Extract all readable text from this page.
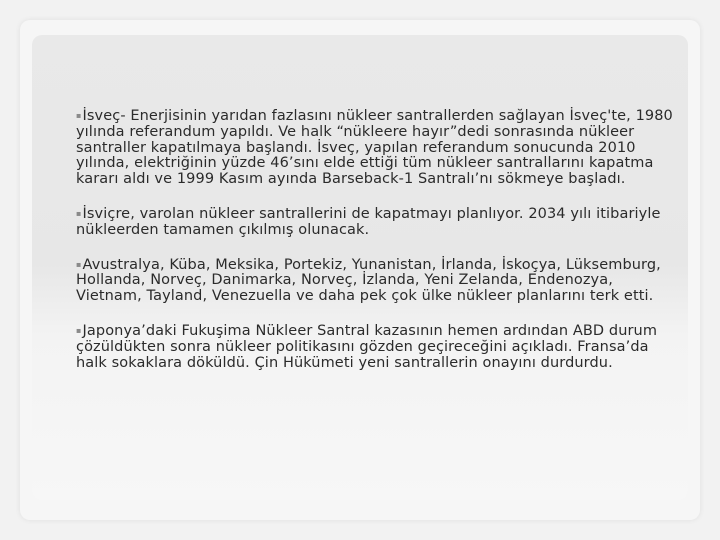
▪İsveç- Enerjisinin yarıdan fazlasını nükleer santrallerden sağlayan İsveç'te, 1980 yılında referandum yapıldı. Ve halk “nükleere hayır”dedi sonrasında nükleer santraller kapatılmaya başlandı. İsveç, yapılan referandum sonucunda 2010 yılında, elektriğinin yüzde 46’sını elde ettiği tüm nükleer santrallarını kapatma kararı aldı ve 1999 Kasım ayında Barseback-1 Santralı’nı sökmeye başladı.

▪İsviçre, varolan nükleer santrallerini de kapatmayı planlıyor. 2034 yılı itibariyle nükleerden tamamen çıkılmış olunacak.

▪Avustralya, Küba, Meksika, Portekiz, Yunanistan, İrlanda, İskoçya, Lüksemburg, Hollanda, Norveç, Danimarka, Norveç, İzlanda, Yeni Zelanda, Endenozya, Vietnam, Tayland, Venezuella ve daha pek çok ülke nükleer planlarını terk etti.

▪Japonya’daki Fukuşima Nükleer Santral kazasının hemen ardından ABD durum çözüldükten sonra nükleer politikasını gözden geçireceğini açıkladı. Fransa’da halk sokaklara döküldü. Çin Hükümeti yeni santrallerin onayını durdurdu.
